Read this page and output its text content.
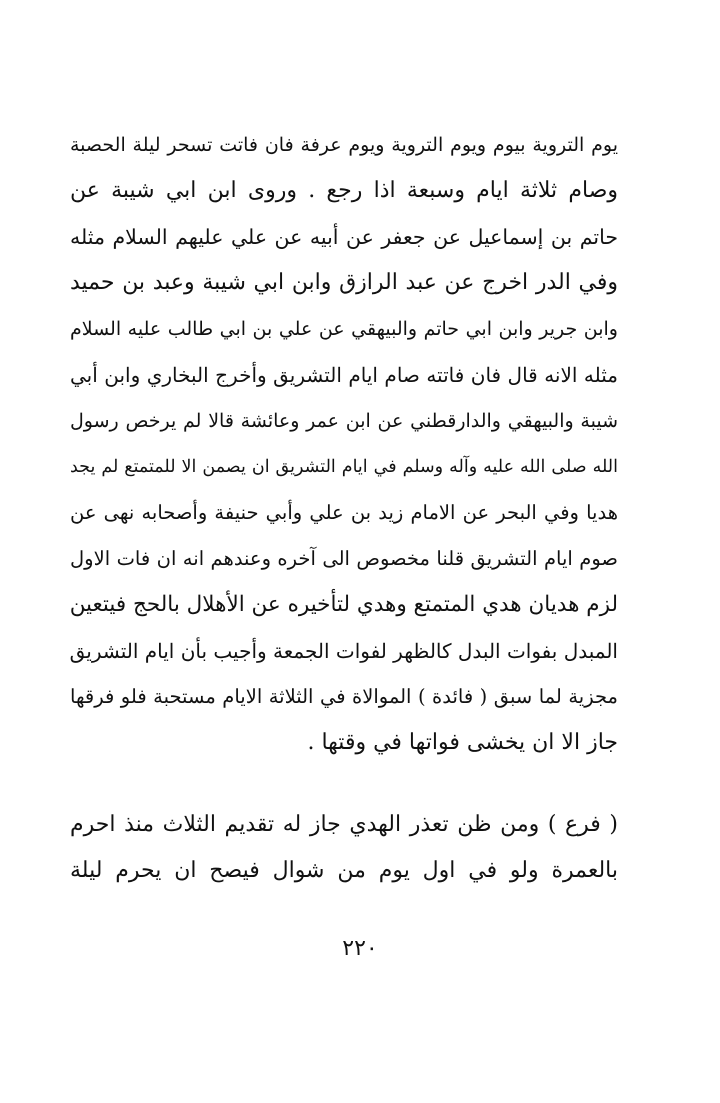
يوم التروية بيوم ويوم التروية ويوم عرفة فان فاتت تسحر ليلة الحصبة
وصام ثلاثة ايام وسبعة اذا رجع . وروى ابن ابي شيبة عن
حاتم بن إسماعيل عن جعفر عن أبيه عن علي عليهم السلام مثله
وفي الدر اخرج عن عبد الرازق وابن ابي شيبة وعبد بن حميد
وابن جرير وابن ابي حاتم والبيهقي عن علي بن ابي طالب عليه السلام
مثله الانه قال فان فاتته صام ايام التشريق وأخرج البخاري وابن أبي
شيبة والبيهقي والدارقطني عن ابن عمر وعائشة قالا لم يرخص رسول
الله صلى الله عليه وآله وسلم في ايام التشريق ان يصمن الا للمتمتع لم يجد
هديا وفي البحر عن الامام زيد بن علي وأبي حنيفة وأصحابه نهى عن
صوم ايام التشريق قلنا مخصوص الى آخره وعندهم انه ان فات الاول
لزم هديان هدي المتمتع وهدي لتأخيره عن الأهلال بالحج فيتعين
المبدل بفوات البدل كالظهر لفوات الجمعة وأجيب بأن ايام التشريق
مجزية لما سبق ( فائدة ) الموالاة في الثلاثة الايام مستحبة فلو فرقها
جاز الا ان يخشى فواتها في وقتها .
( فرع ) ومن ظن تعذر الهدي جاز له تقديم الثلاث منذ احرم
بالعمرة ولو في اول يوم من شوال فيصح ان يحرم ليلة
٢٢٠
